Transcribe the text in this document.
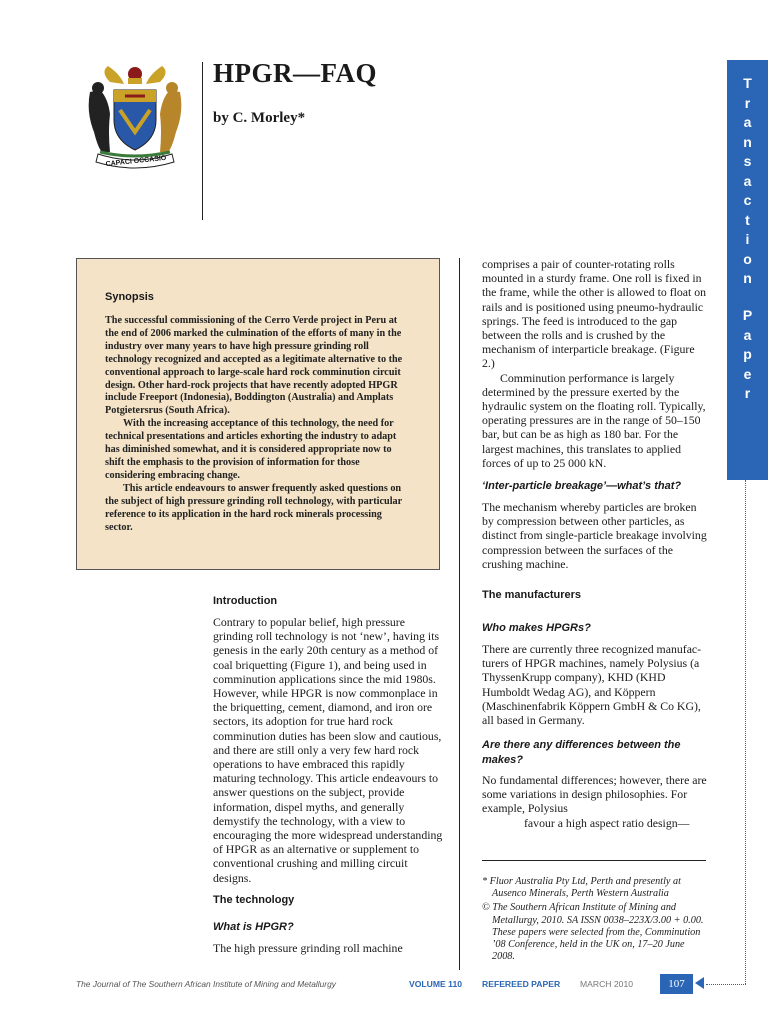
CAPACI OCCASIO
HPGR—FAQ
by C. Morley*
T
r
a
n
s
a
c
t
i
o
n
P
a
p
e
r
Synopsis

The successful commissioning of the Cerro Verde project in Peru at the end of 2006 marked the culmination of the efforts of many in the industry over many years to have high pressure grinding roll technology recognized and accepted as a legitimate alternative to the conventional approach to large-scale hard rock comminution circuit design. Other hard-rock projects that have recently adopted HPGR include Freeport (Indonesia), Boddington (Australia) and Amplats Potgietersrus (South Africa).

With the increasing acceptance of this technology, the need for technical presentations and articles exhorting the industry to adapt has diminished somewhat, and it is considered appropriate now to shift the emphasis to the provision of information for those considering embracing change.

This article endeavours to answer frequently asked questions on the subject of high pressure grinding roll technology, with particular reference to its application in the hard rock minerals processing sector.

Introduction
Contrary to popular belief, high pressure grinding roll technology is not ‘new’, having its genesis in the early 20th century as a method of coal briquetting (Figure 1), and being used in comminution applications since the mid 1980s. However, while HPGR is now commonplace in the briquetting, cement, diamond, and iron ore sectors, its adoption for true hard rock comminution duties has been slow and cautious, and there are still only a very few hard rock operations to have embraced this rapidly maturing technology. This article endeavours to answer questions on the subject, provide information, dispel myths, and generally demystify the technology, with a view to encouraging the more widespread understanding of HPGR as an alternative or supplement to conventional crushing and milling circuit designs.
The technology
What is HPGR?
The high pressure grinding roll machine

comprises a pair of counter-rotating rolls mounted in a sturdy frame. One roll is fixed in the frame, while the other is allowed to float on rails and is positioned using pneumo-hydraulic springs. The feed is introduced to the gap between the rolls and is crushed by the mechanism of interparticle breakage. (Figure 2.)

Comminution performance is largely determined by the pressure exerted by the hydraulic system on the floating roll. Typically, operating pressures are in the range of 50–150 bar, but can be as high as 180 bar. For the largest machines, this translates to applied forces of up to 25 000 kN.

‘Inter-particle breakage’—what’s that?
The mechanism whereby particles are broken by compression between other particles, as distinct from single-particle breakage involving compression between the surfaces of the crushing machine.
The manufacturers
Who makes HPGRs?
There are currently three recognized manufac-turers of HPGR machines, namely Polysius (a ThyssenKrupp company), KHD (KHD Humboldt Wedag AG), and Köppern (Maschinenfabrik Köppern GmbH & Co KG), all based in Germany.
Are there any differences between the makes?

No fundamental differences; however, there are some variations in design philosophies. For example, Polysius

favour a high aspect ratio design—

* Fluor Australia Pty Ltd, Perth and presently at Ausenco Minerals, Perth Western Australia

© The Southern African Institute of Mining and Metallurgy, 2010. SA ISSN 0038–223X/3.00 + 0.00. These papers were selected from the, Comminution ’08 Conference, held in the UK on, 17–20 June 2008.

The Journal of The Southern African Institute of Mining and Metallurgy	VOLUME 110 REFEREED PAPER MARCH 2010	107
